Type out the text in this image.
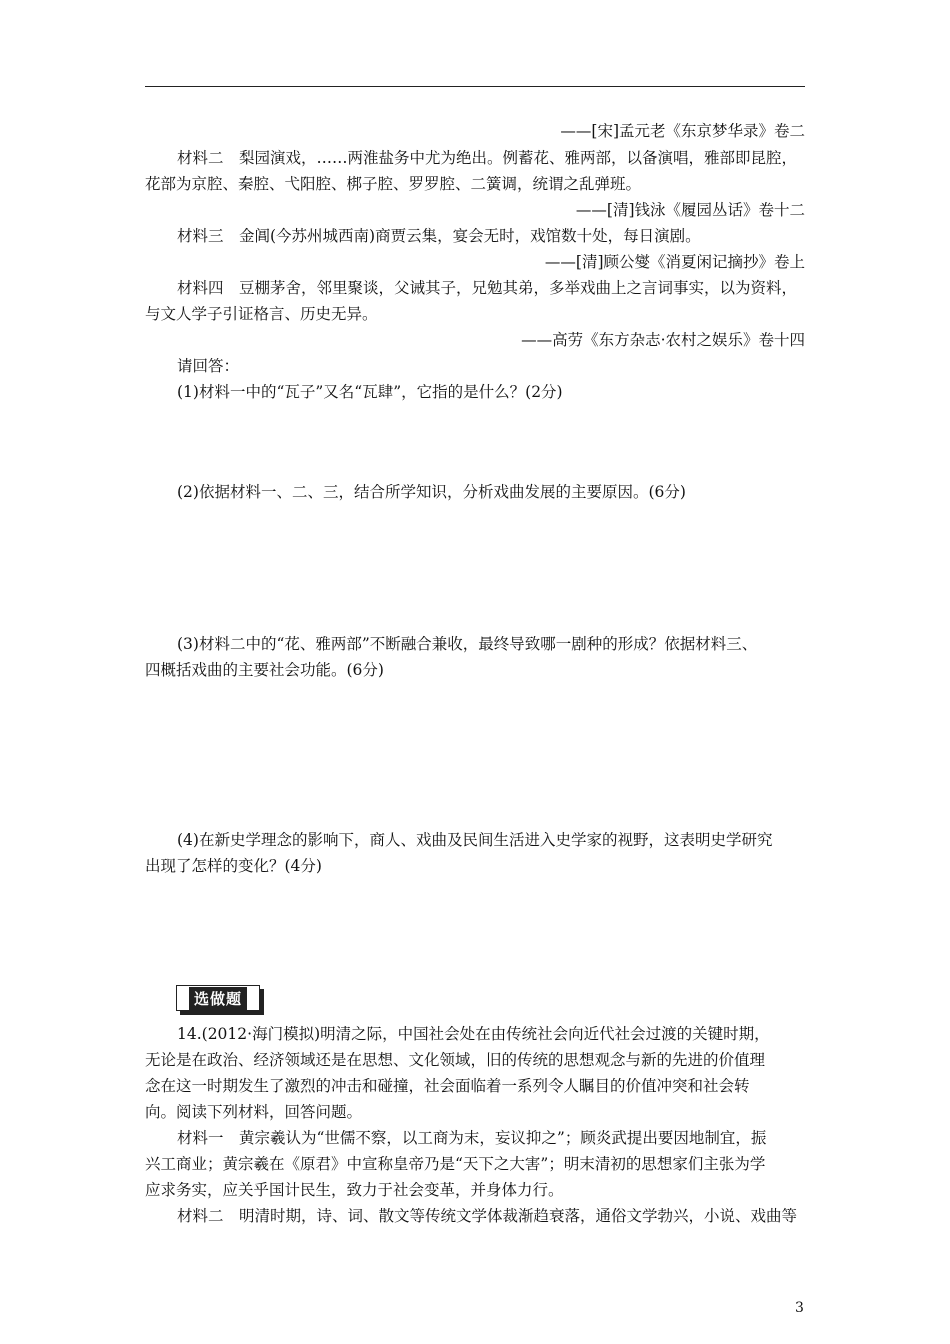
——[宋]孟元老《东京梦华录》卷二
材料二　梨园演戏，……两淮盐务中尤为绝出。例蓄花、雅两部，以备演唱，雅部即昆腔，
花部为京腔、秦腔、弋阳腔、梆子腔、罗罗腔、二簧调，统谓之乱弹班。
——[清]钱泳《履园丛话》卷十二
材料三　金阊(今苏州城西南)商贾云集，宴会无时，戏馆数十处，每日演剧。
——[清]顾公燮《消夏闲记摘抄》卷上
材料四　豆棚茅舍，邻里聚谈，父诫其子，兄勉其弟，多举戏曲上之言词事实，以为资料，
与文人学子引证格言、历史无异。
——高劳《东方杂志·农村之娱乐》卷十四
请回答：
(1)材料一中的“瓦子”又名“瓦肆”，它指的是什么？(2分)
(2)依据材料一、二、三，结合所学知识，分析戏曲发展的主要原因。(6分)
(3)材料二中的“花、雅两部”不断融合兼收，最终导致哪一剧种的形成？依据材料三、
四概括戏曲的主要社会功能。(6分)
(4)在新史学理念的影响下，商人、戏曲及民间生活进入史学家的视野，这表明史学研究
出现了怎样的变化？(4分)
选做题
14.(2012·海门模拟)明清之际，中国社会处在由传统社会向近代社会过渡的关键时期，
无论是在政治、经济领域还是在思想、文化领域，旧的传统的思想观念与新的先进的价值理
念在这一时期发生了激烈的冲击和碰撞，社会面临着一系列令人瞩目的价值冲突和社会转
向。阅读下列材料，回答问题。
材料一　黄宗羲认为“世儒不察，以工商为末，妄议抑之”；顾炎武提出要因地制宜，振
兴工商业；黄宗羲在《原君》中宣称皇帝乃是“天下之大害”；明末清初的思想家们主张为学
应求务实，应关乎国计民生，致力于社会变革，并身体力行。
材料二　明清时期，诗、词、散文等传统文学体裁渐趋衰落，通俗文学勃兴，小说、戏曲等
3
